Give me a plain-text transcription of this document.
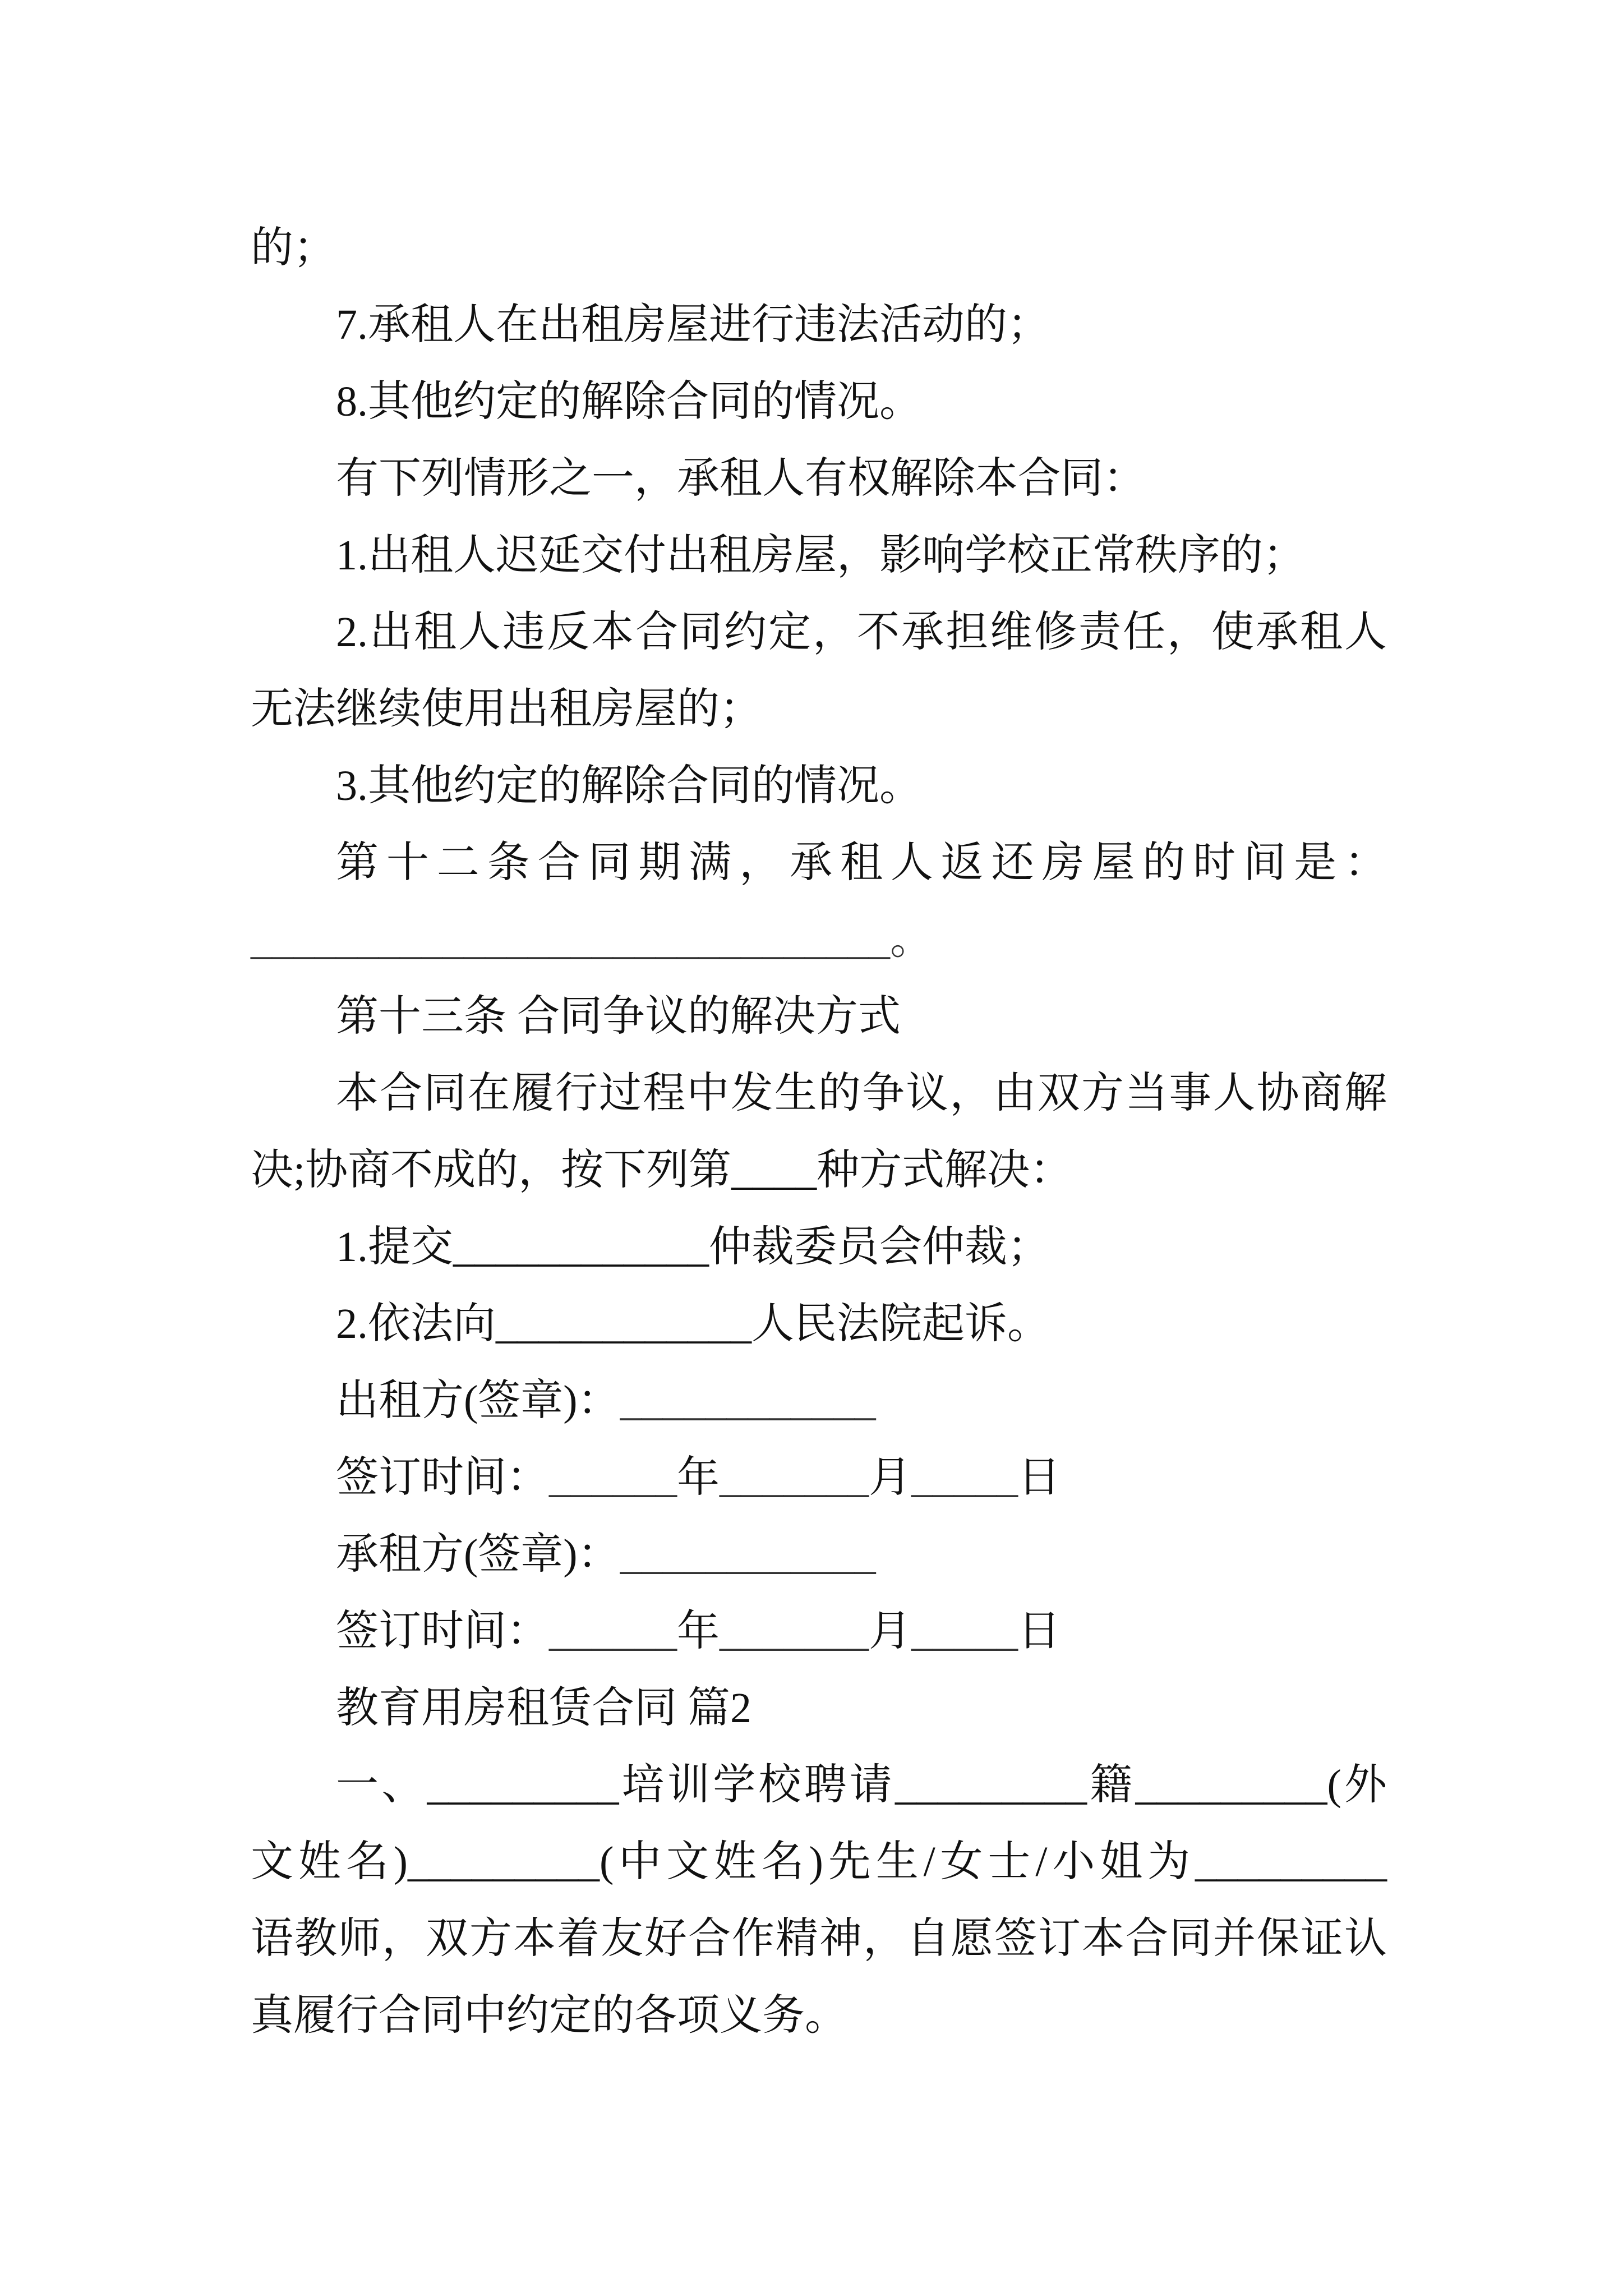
的；
7.承租人在出租房屋进行违法活动的；
8.其他约定的解除合同的情况。
有下列情形之一，承租人有权解除本合同：
1.出租人迟延交付出租房屋，影响学校正常秩序的；
2.出租人违反本合同约定，不承担维修责任，使承租人
无法继续使用出租房屋的；
3.其他约定的解除合同的情况。
第十二条合同期满，承租人返还房屋的时间是：
______________________________。
第十三条 合同争议的解决方式
本合同在履行过程中发生的争议，由双方当事人协商解
决;协商不成的，按下列第____种方式解决：
1.提交____________仲裁委员会仲裁；
2.依法向____________人民法院起诉。
出租方(签章)：____________
签订时间：______年_______月_____日
承租方(签章)：____________
签订时间：______年_______月_____日
教育用房租赁合同 篇2
一、_________培训学校聘请_________籍_________(外
文姓名)_________(中文姓名)先生/女士/小姐为_________
语教师，双方本着友好合作精神，自愿签订本合同并保证认
真履行合同中约定的各项义务。
